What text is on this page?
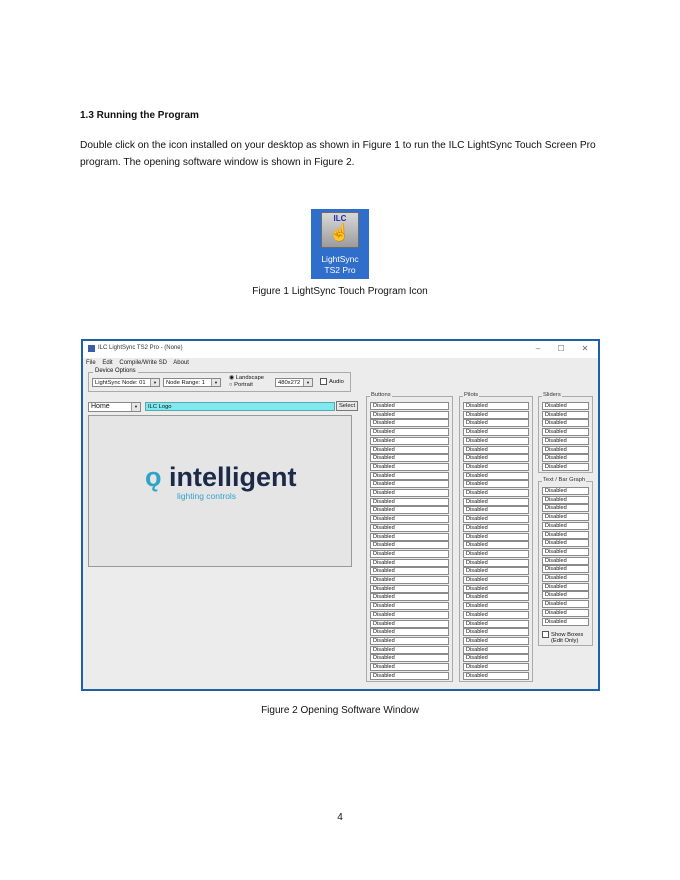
1.3 Running the Program

Double click on the icon installed on your desktop as shown in Figure 1 to run the ILC LightSync Touch Screen Pro program. The opening software window is shown in Figure 2.

ILC
☝
LightSync
TS2 Pro
Figure 1 LightSync Touch Program Icon
ILC LightSync TS2 Pro - (None)	–	☐	✕
File Edit Compile/Write SD About
Device Options
LightSync Node: 01	▼	Node Range: 1	▼
◉ Landscape
○ Portrait	480x272	▼	Audio
Home	▼	ILC Logo	Select
ǫ intelligent
lighting controls
Buttons
Disabled
Disabled
Disabled
Disabled
Disabled
Disabled
Disabled
Disabled
Disabled
Disabled
Disabled
Disabled
Disabled
Disabled
Disabled
Disabled
Disabled
Disabled
Disabled
Disabled
Disabled
Disabled
Disabled
Disabled
Disabled
Disabled
Disabled
Disabled
Disabled
Disabled
Disabled
Disabled
Pilots
Disabled
Disabled
Disabled
Disabled
Disabled
Disabled
Disabled
Disabled
Disabled
Disabled
Disabled
Disabled
Disabled
Disabled
Disabled
Disabled
Disabled
Disabled
Disabled
Disabled
Disabled
Disabled
Disabled
Disabled
Disabled
Disabled
Disabled
Disabled
Disabled
Disabled
Disabled
Disabled
Sliders
Disabled
Disabled
Disabled
Disabled
Disabled
Disabled
Disabled
Disabled
Text / Bar Graph
Disabled
Disabled
Disabled
Disabled
Disabled
Disabled
Disabled
Disabled
Disabled
Disabled
Disabled
Disabled
Disabled
Disabled
Disabled
Disabled
Show Boxes
(Edit Only)
Figure 2 Opening Software Window
4
